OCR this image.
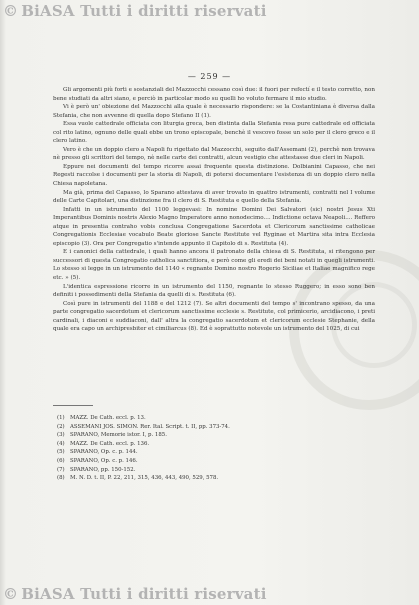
© BiASA Tutti i diritti riservati
— 259 —

Gli argomenti più forti e sostanziali del Mazzocchi cessano così due: il fuori per refectí e il testo corretto, non bene studiati da altri siano, e perciò in particolar modo su quelli ho voluto fermare il mio studio.

Vi è però un' obiezione del Mazzocchi alla quale è necessario rispondere: se la Costantiniana è diversa dalla Stefania, che non avvenne di quella dopo Stefano II (1).

Essa vuole cattedrale officiata con liturgia greca, ben distinta dalla Stefania resa pure cattedrale ed officiata col rito latino, ognuno delle quali ebbe un trono episcopale, benchè il vescovo fosse un solo per il clero greco e il clero latino.

Vero è che un doppio clero a Napoli fu rigettato dal Mazzocchi, seguito dall'Assemani (2), perchè non trovava nè presso gli scrittori del tempo, nè nelle carte dei contratti, alcun vestigio che attestasse due cleri in Napoli.

Eppure nei documenti del tempo ricorre assai frequente questa distinzione. Dolbianini Capasso, che nei Regesti raccolse i documenti per la storia di Napoli, di potersi documentare l'esistenza di un doppio clero nella Chiesa napoletana.

Ma già, prima del Capasso, lo Sparano attestava di aver trovato in quattro istrumenti, contratti nel I volume delle Carte Capitolari, una distinzione fra il clero di S. Restituta e quello della Stefania.

Infatti in un istrumento del 1100 leggevasi: In nomine Domini Dei Salvatori (sic) nostri Jesus Xti Imperantibus Dominis nostris Alexio Magno Imperatore anno nonodecimo.... Indictione octava Neapoli.... Reffero atque in presentia contraho vobis conclusa Congregatione Sacerdota et Clericorum sanctissime catholicae Congregationis Ecclesiae vocabulo Beate gloriose Sancte Restitute vel Ryginae et Martira sita intra Ecclesia episcopio (3). Ora per Congregatio s'intende appunto il Capitolo di s. Restituta (4).

E i canonici della cattedrale, i quali hanno ancora il patronato della chiesa di S. Restituta, si ritengono per successori di questa Congregatio catholica sanctitiora, e però come gli eredi dei beni notati in quegli istrumenti. Lo stesso si legge in un istrumento del 1140 « regnante Domino nostro Rogerio Siciliae et Italiae magnifico rege etc. » (5).

L'identica espressione ricorre in un istrumento del 1150, regnante lo stesso Ruggero; in esso sono ben definiti i possedimenti della Stefania da quelli di s. Restituta (6).

Così pure in istrumenti del 1188 e del 1212 (7). Se altri documenti del tempo s' incontrano spesso, da una parte congregatio sacerdotum et clericorum sanctissime ecclesie s. Restitute, col primicerio, arcidiacono, i preti cardinali, i diaconi e suddiaconi, dall' altra la congregatio sacerdotum et clericorum ecclesie Stephanie, della quale era capo un archipresbiter et cimiliarcus (8). Ed è soprattutto notevole un istrumento del 1025, di cui

(1) MAZZ. De Cath. eccl. p. 13.
(2) ASSEMANI JOS. SIMON. Rer. Ital. Script. t. II, pp. 373-74.
(3) SPARANO, Memorie istor. I, p. 185.
(4) MAZZ. De Cath. eccl. p. 136.
(5) SPARANO, Op. c. p. 144.
(6) SPARANO, Op. c. p. 146.
(7) SPARANO, pp. 150-152.
(8) M. N. D. t. II, P. 22, 211, 315, 436, 443, 490, 529, 578.
© BiASA Tutti i diritti riservati
